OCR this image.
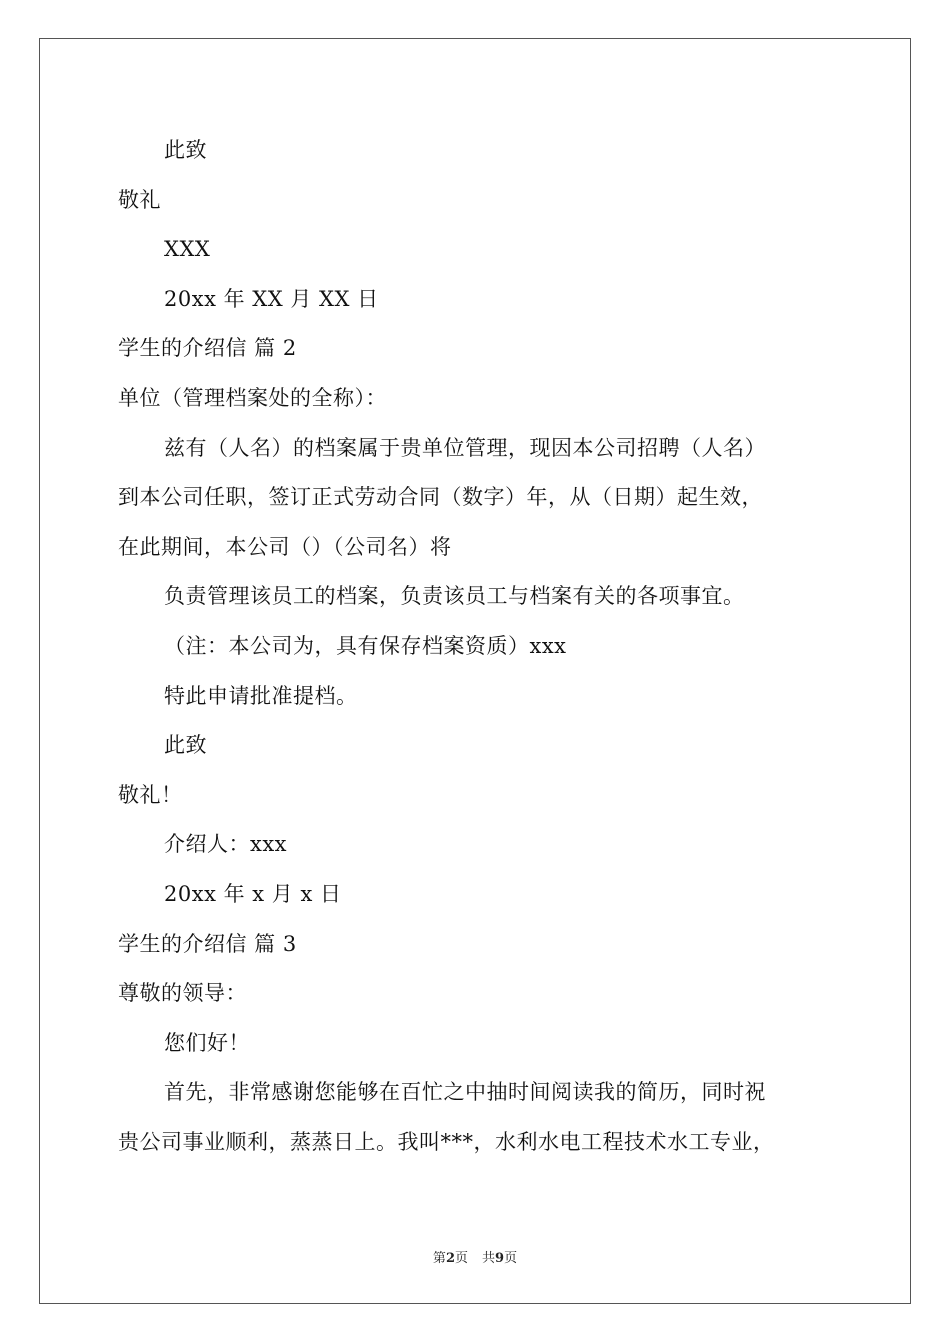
此致
敬礼
XXX
20xx 年 XX 月 XX 日
学生的介绍信 篇 2
单位（管理档案处的全称）：
兹有（人名）的档案属于贵单位管理，现因本公司招聘（人名）
到本公司任职，签订正式劳动合同（数字）年，从（日期）起生效，
在此期间，本公司（）（公司名）将
负责管理该员工的档案，负责该员工与档案有关的各项事宜。
（注：本公司为，具有保存档案资质）xxx
特此申请批准提档。
此致
敬礼！
介绍人：xxx
20xx 年 x 月 x 日
学生的介绍信 篇 3
尊敬的领导：
您们好！
首先，非常感谢您能够在百忙之中抽时间阅读我的简历，同时祝
贵公司事业顺利，蒸蒸日上。我叫***，水利水电工程技术水工专业，
第2页 共9页
